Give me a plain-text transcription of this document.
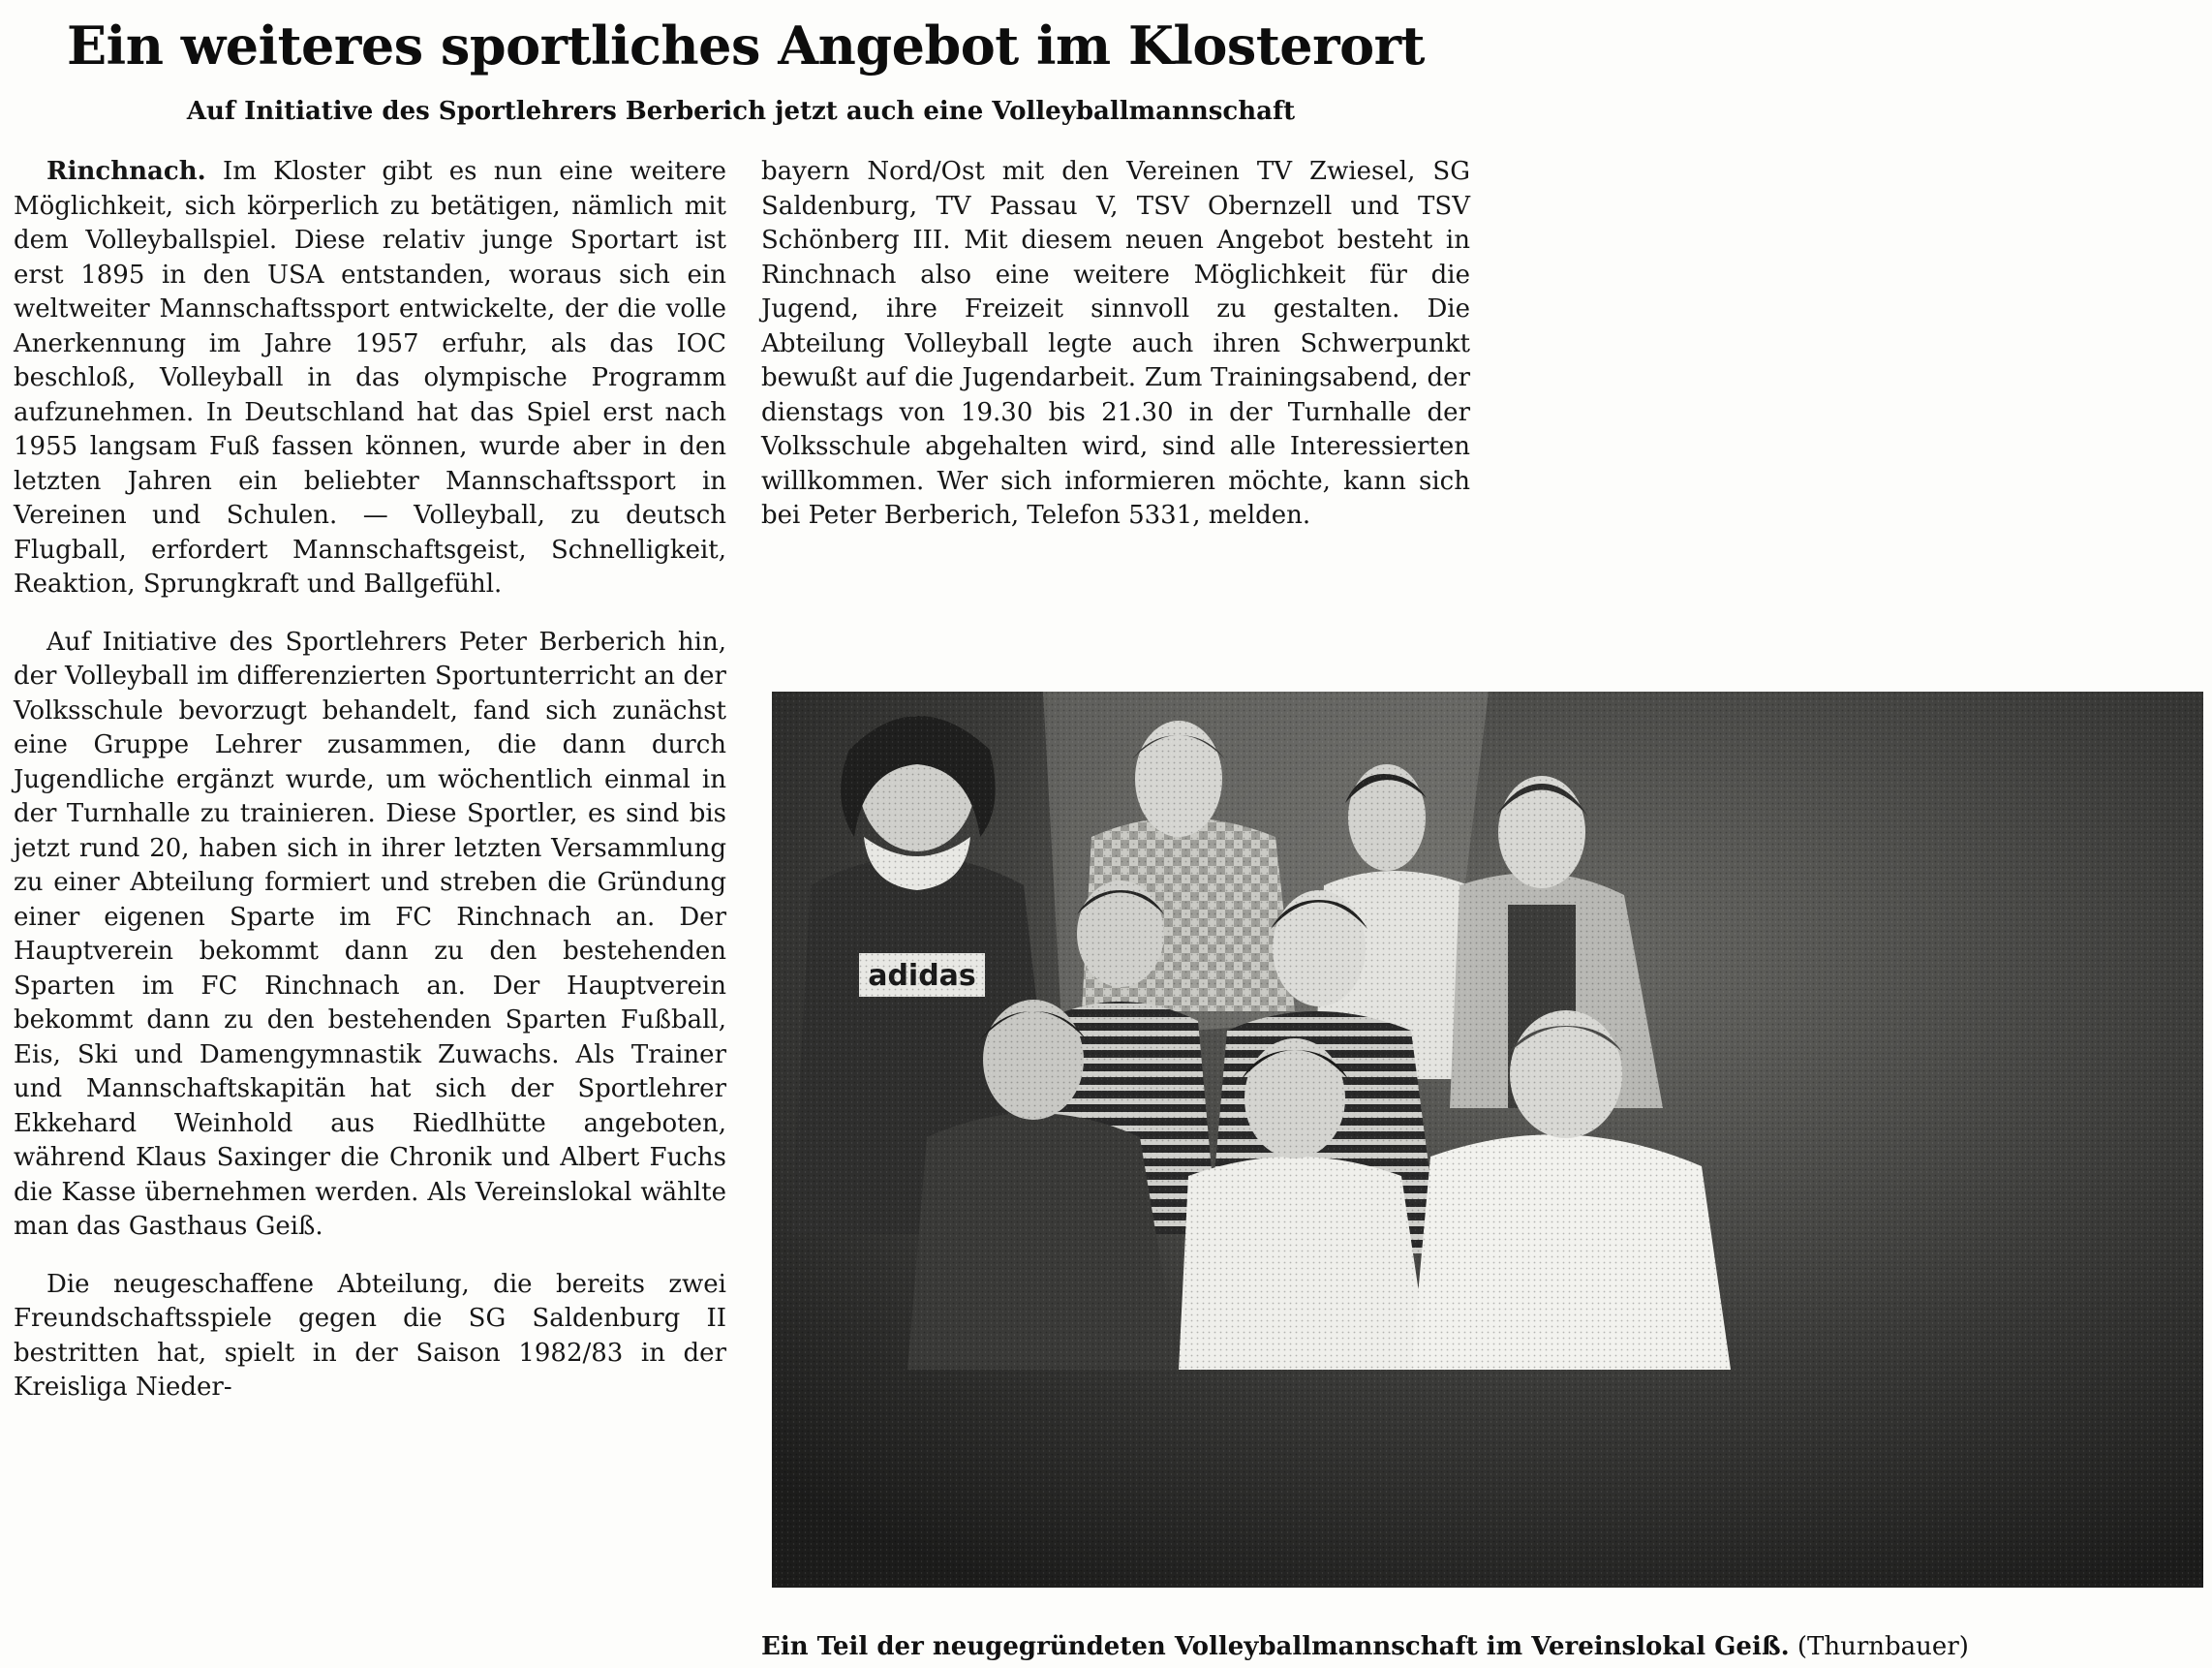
Ein weiteres sportliches Angebot im Klosterort
Auf Initiative des Sportlehrers Berberich jetzt auch eine Volleyballmannschaft

Rinchnach. Im Kloster gibt es nun eine weitere Möglichkeit, sich körperlich zu betätigen, nämlich mit dem Volleyballspiel. Diese relativ junge Sportart ist erst 1895 in den USA entstanden, woraus sich ein weltweiter Mannschaftssport entwickelte, der die volle Anerkennung im Jahre 1957 erfuhr, als das IOC beschloß, Volleyball in das olympische Programm aufzunehmen. In Deutschland hat das Spiel erst nach 1955 langsam Fuß fassen können, wurde aber in den letzten Jahren ein beliebter Mannschaftssport in Vereinen und Schulen. — Volleyball, zu deutsch Flugball, erfordert Mannschaftsgeist, Schnelligkeit, Reaktion, Sprungkraft und Ballgefühl.

Auf Initiative des Sportlehrers Peter Berberich hin, der Volleyball im differenzierten Sportunterricht an der Volksschule bevorzugt behandelt, fand sich zunächst eine Gruppe Lehrer zusammen, die dann durch Jugendliche ergänzt wurde, um wöchentlich einmal in der Turnhalle zu trainieren. Diese Sportler, es sind bis jetzt rund 20, haben sich in ihrer letzten Versammlung zu einer Abteilung formiert und streben die Gründung einer eigenen Sparte im FC Rinchnach an. Der Hauptverein bekommt dann zu den bestehenden Sparten im FC Rinchnach an. Der Hauptverein bekommt dann zu den bestehenden Sparten Fußball, Eis, Ski und Damengymnastik Zuwachs. Als Trainer und Mannschaftskapitän hat sich der Sportlehrer Ekkehard Weinhold aus Riedlhütte angeboten, während Klaus Saxinger die Chronik und Albert Fuchs die Kasse übernehmen werden. Als Vereinslokal wählte man das Gasthaus Geiß.

Die neugeschaffene Abteilung, die bereits zwei Freundschaftsspiele gegen die SG Saldenburg II bestritten hat, spielt in der Saison 1982/83 in der Kreisliga Nieder-

bayern Nord/Ost mit den Vereinen TV Zwiesel, SG Saldenburg, TV Passau V, TSV Obernzell und TSV Schönberg III. Mit diesem neuen Angebot besteht in Rinchnach also eine weitere Möglichkeit für die Jugend, ihre Freizeit sinnvoll zu gestalten. Die Abteilung Volleyball legte auch ihren Schwerpunkt bewußt auf die Jugendarbeit. Zum Trainingsabend, der dienstags von 19.30 bis 21.30 in der Turnhalle der Volksschule abgehalten wird, sind alle Interessierten willkommen. Wer sich informieren möchte, kann sich bei Peter Berberich, Telefon 5331, melden.

Ein Teil der neugegründeten Volleyballmannschaft im Vereinslokal Geiß. (Thurnbauer)
